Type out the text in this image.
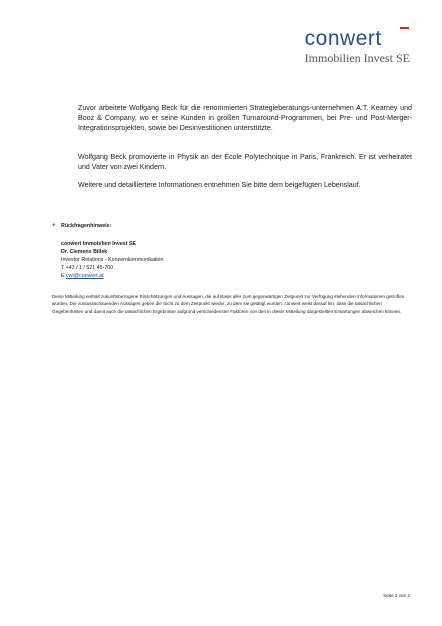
conwert
Immobilien Invest SE

Zuvor arbeitete Wolfgang Beck für die renommierten Strategieberatungs-unternehmen A.T. Kearney und Booz & Company, wo er seine Kunden in großen Turnaround-Programmen, bei Pre- und Post-Merger-Integrationsprojekten, sowie bei Desinvestitionen unterstützte.

Wolfgang Beck promovierte in Physik an der École Polytechnique in Paris, Frankreich. Er ist verheiratet und Vater von zwei Kindern.

Weitere und detailliertere Informationen entnehmen Sie bitte dem beigefügten Lebenslauf.

+ Rückfragenhinweis:
conwert Immobilien Invest SE
Dr. Clemens Billek
Investor Relations - Konzernkommunikation
T +43 / 1 / 521 45-700
E cwi@conwert.at

Diese Mitteilung enthält zukunftsbezogene Einschätzungen und Aussagen, die auf Basis aller zum gegenwärtigen Zeitpunkt zur Verfügung stehenden Informationen getroffen wurden. Die voraussschauenden Aussagen geben die Sicht zu dem Zeitpunkt wieder, zu dem sie getätigt wurden. conwert weist darauf hin, dass die tatsächlichen Gegebenheiten und damit auch die tatsächlichen Ergebnisse aufgrund verschiedenster Faktoren von den in dieser Mitteilung dargestellten Erwartungen abweichen können.

Seite 2 von 2
